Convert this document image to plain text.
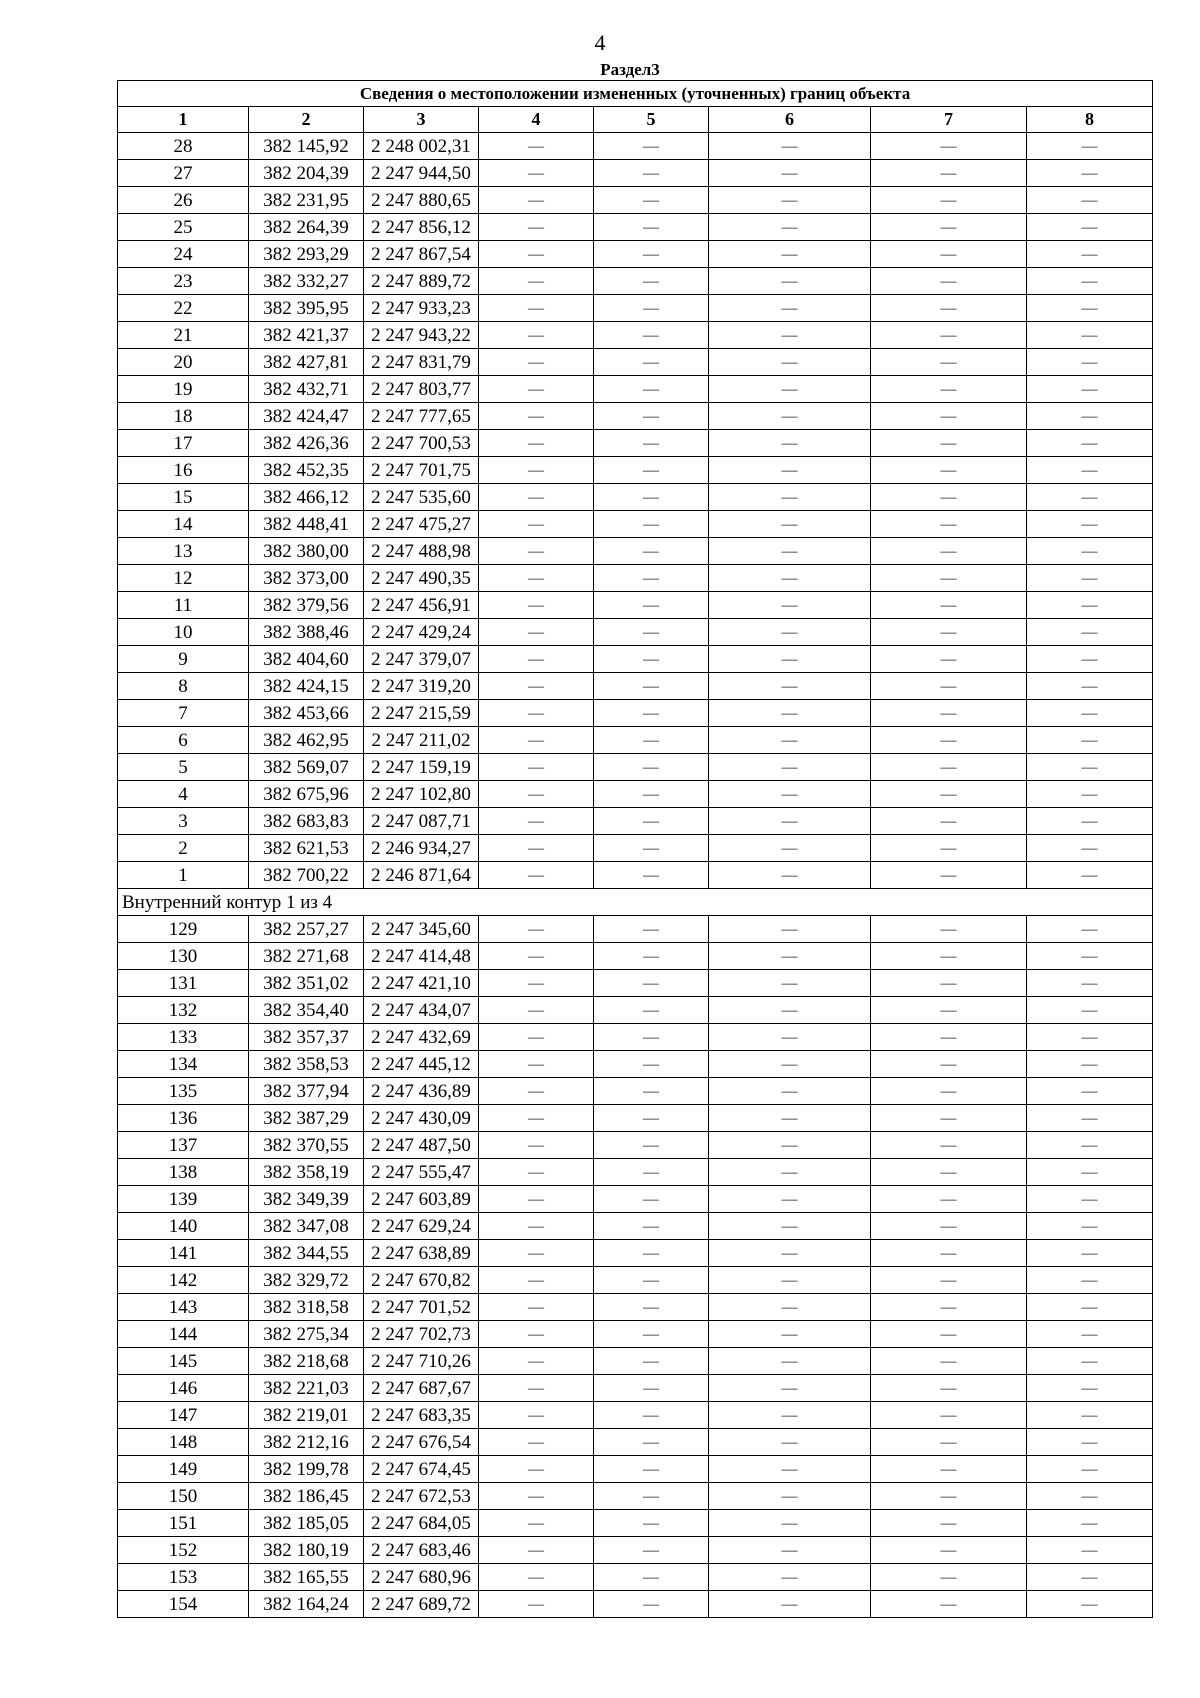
4
Раздел3
Сведения о местоположении измененных (уточненных) границ объекта							
1	2	3	4	5	6	7	8
28	382 145,92	2 248 002,31	—	—	—	—	—
27	382 204,39	2 247 944,50	—	—	—	—	—
26	382 231,95	2 247 880,65	—	—	—	—	—
25	382 264,39	2 247 856,12	—	—	—	—	—
24	382 293,29	2 247 867,54	—	—	—	—	—
23	382 332,27	2 247 889,72	—	—	—	—	—
22	382 395,95	2 247 933,23	—	—	—	—	—
21	382 421,37	2 247 943,22	—	—	—	—	—
20	382 427,81	2 247 831,79	—	—	—	—	—
19	382 432,71	2 247 803,77	—	—	—	—	—
18	382 424,47	2 247 777,65	—	—	—	—	—
17	382 426,36	2 247 700,53	—	—	—	—	—
16	382 452,35	2 247 701,75	—	—	—	—	—
15	382 466,12	2 247 535,60	—	—	—	—	—
14	382 448,41	2 247 475,27	—	—	—	—	—
13	382 380,00	2 247 488,98	—	—	—	—	—
12	382 373,00	2 247 490,35	—	—	—	—	—
11	382 379,56	2 247 456,91	—	—	—	—	—
10	382 388,46	2 247 429,24	—	—	—	—	—
9	382 404,60	2 247 379,07	—	—	—	—	—
8	382 424,15	2 247 319,20	—	—	—	—	—
7	382 453,66	2 247 215,59	—	—	—	—	—
6	382 462,95	2 247 211,02	—	—	—	—	—
5	382 569,07	2 247 159,19	—	—	—	—	—
4	382 675,96	2 247 102,80	—	—	—	—	—
3	382 683,83	2 247 087,71	—	—	—	—	—
2	382 621,53	2 246 934,27	—	—	—	—	—
1	382 700,22	2 246 871,64	—	—	—	—	—
Внутренний контур 1 из 4							
129	382 257,27	2 247 345,60	—	—	—	—	—
130	382 271,68	2 247 414,48	—	—	—	—	—
131	382 351,02	2 247 421,10	—	—	—	—	—
132	382 354,40	2 247 434,07	—	—	—	—	—
133	382 357,37	2 247 432,69	—	—	—	—	—
134	382 358,53	2 247 445,12	—	—	—	—	—
135	382 377,94	2 247 436,89	—	—	—	—	—
136	382 387,29	2 247 430,09	—	—	—	—	—
137	382 370,55	2 247 487,50	—	—	—	—	—
138	382 358,19	2 247 555,47	—	—	—	—	—
139	382 349,39	2 247 603,89	—	—	—	—	—
140	382 347,08	2 247 629,24	—	—	—	—	—
141	382 344,55	2 247 638,89	—	—	—	—	—
142	382 329,72	2 247 670,82	—	—	—	—	—
143	382 318,58	2 247 701,52	—	—	—	—	—
144	382 275,34	2 247 702,73	—	—	—	—	—
145	382 218,68	2 247 710,26	—	—	—	—	—
146	382 221,03	2 247 687,67	—	—	—	—	—
147	382 219,01	2 247 683,35	—	—	—	—	—
148	382 212,16	2 247 676,54	—	—	—	—	—
149	382 199,78	2 247 674,45	—	—	—	—	—
150	382 186,45	2 247 672,53	—	—	—	—	—
151	382 185,05	2 247 684,05	—	—	—	—	—
152	382 180,19	2 247 683,46	—	—	—	—	—
153	382 165,55	2 247 680,96	—	—	—	—	—
154	382 164,24	2 247 689,72	—	—	—	—	—
